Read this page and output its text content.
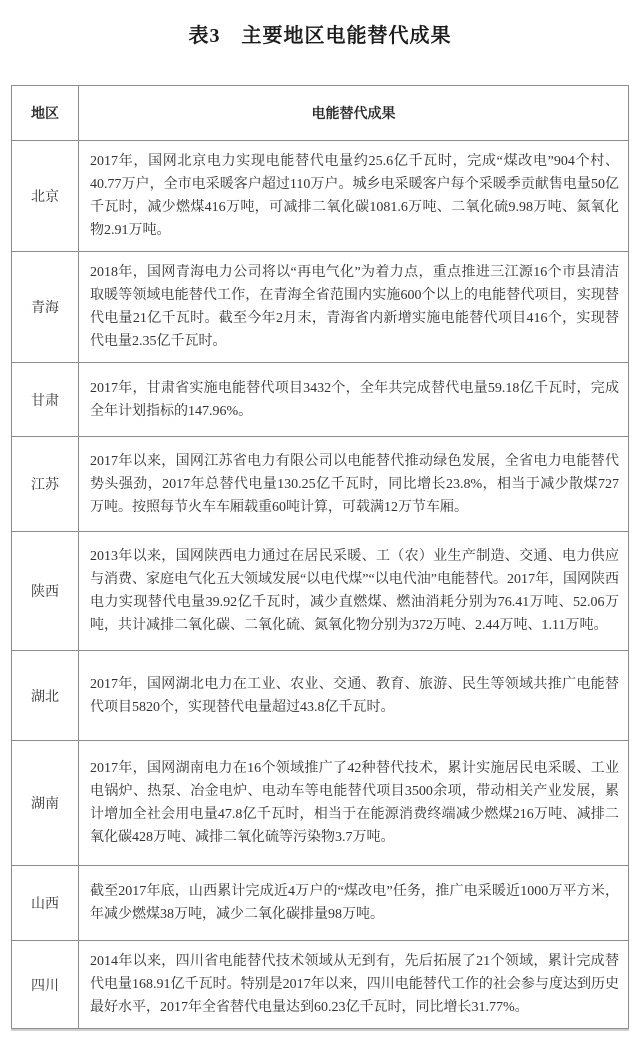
表3　主要地区电能替代成果
地区	电能替代成果
北京	2017年，国网北京电力实现电能替代电量约25.6亿千瓦时，完成“煤改电”904个村、40.77万户，全市电采暖客户超过110万户。城乡电采暖客户每个采暖季贡献售电量50亿千瓦时，减少燃煤416万吨，可减排二氧化碳1081.6万吨、二氧化硫9.98万吨、氮氧化物2.91万吨。
青海	2018年，国网青海电力公司将以“再电气化”为着力点，重点推进三江源16个市县清洁取暖等领域电能替代工作，在青海全省范围内实施600个以上的电能替代项目，实现替代电量21亿千瓦时。截至今年2月末，青海省内新增实施电能替代项目416个，实现替代电量2.35亿千瓦时。
甘肃	2017年，甘肃省实施电能替代项目3432个，全年共完成替代电量59.18亿千瓦时，完成全年计划指标的147.96%。
江苏	2017年以来，国网江苏省电力有限公司以电能替代推动绿色发展，全省电力电能替代势头强劲，2017年总替代电量130.25亿千瓦时，同比增长23.8%，相当于减少散煤727万吨。按照每节火车车厢载重60吨计算，可载满12万节车厢。
陕西	2013年以来，国网陕西电力通过在居民采暖、工（农）业生产制造、交通、电力供应与消费、家庭电气化五大领域发展“以电代煤”“以电代油”电能替代。2017年，国网陕西电力实现替代电量39.92亿千瓦时，减少直燃煤、燃油消耗分别为76.41万吨、52.06万吨，共计减排二氧化碳、二氧化硫、氮氧化物分别为372万吨、2.44万吨、1.11万吨。
湖北	2017年，国网湖北电力在工业、农业、交通、教育、旅游、民生等领域共推广电能替代项目5820个，实现替代电量超过43.8亿千瓦时。
湖南	2017年，国网湖南电力在16个领域推广了42种替代技术，累计实施居民电采暖、工业电锅炉、热泵、冶金电炉、电动车等电能替代项目3500余项，带动相关产业发展，累计增加全社会用电量47.8亿千瓦时，相当于在能源消费终端减少燃煤216万吨、减排二氧化碳428万吨、减排二氧化硫等污染物3.7万吨。
山西	截至2017年底，山西累计完成近4万户的“煤改电”任务，推广电采暖近1000万平方米，年减少燃煤38万吨，减少二氧化碳排量98万吨。
四川	2014年以来，四川省电能替代技术领域从无到有，先后拓展了21个领域，累计完成替代电量168.91亿千瓦时。特别是2017年以来，四川电能替代工作的社会参与度达到历史最好水平，2017年全省替代电量达到60.23亿千瓦时，同比增长31.77%。
